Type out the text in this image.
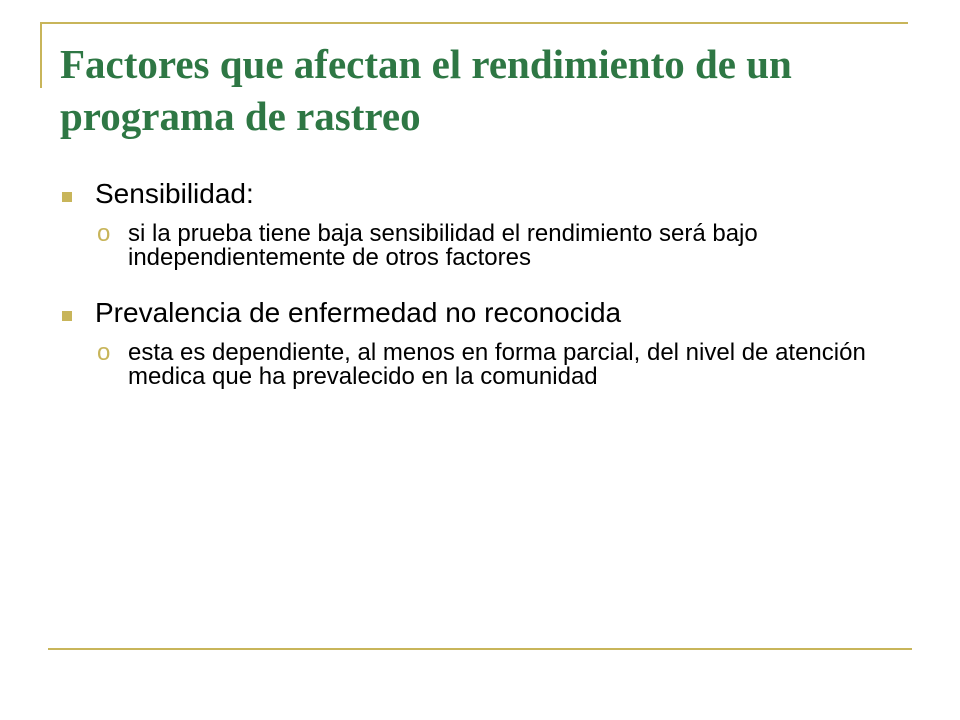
Factores que afectan el rendimiento de un programa de rastreo
Sensibilidad:
o si la prueba tiene baja sensibilidad el rendimiento será bajo independientemente de otros factores
Prevalencia de enfermedad no reconocida
o esta es dependiente, al menos en forma parcial, del nivel de atención medica que ha prevalecido en la comunidad
